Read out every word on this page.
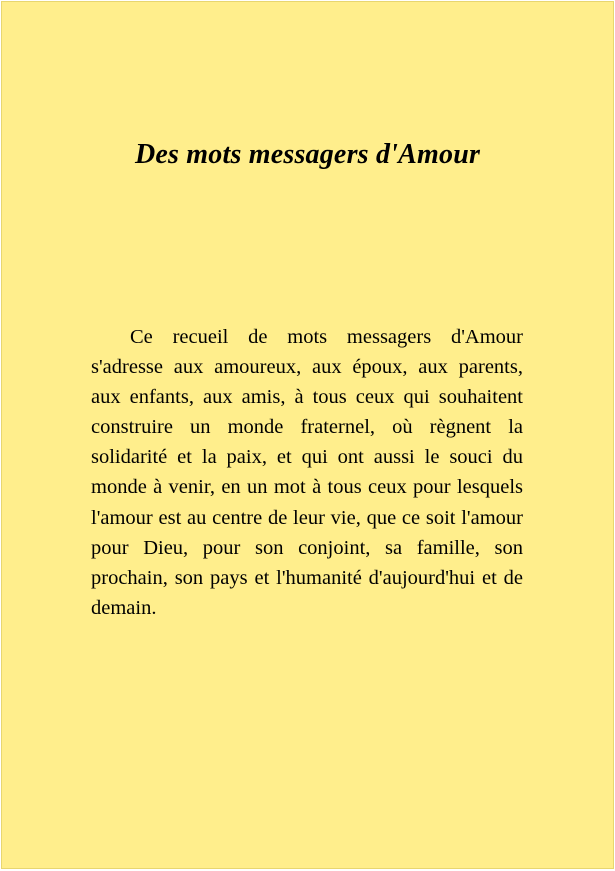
Des mots messagers d'Amour

Ce recueil de mots messagers d'Amour s'adresse aux amoureux, aux époux, aux parents, aux enfants, aux amis, à tous ceux qui souhaitent construire un monde fraternel, où règnent la solidarité et la paix, et qui ont aussi le souci du monde à venir, en un mot à tous ceux pour lesquels l'amour est au centre de leur vie, que ce soit l'amour pour Dieu, pour son conjoint, sa famille, son prochain, son pays et l'humanité d'aujourd'hui et de demain.
